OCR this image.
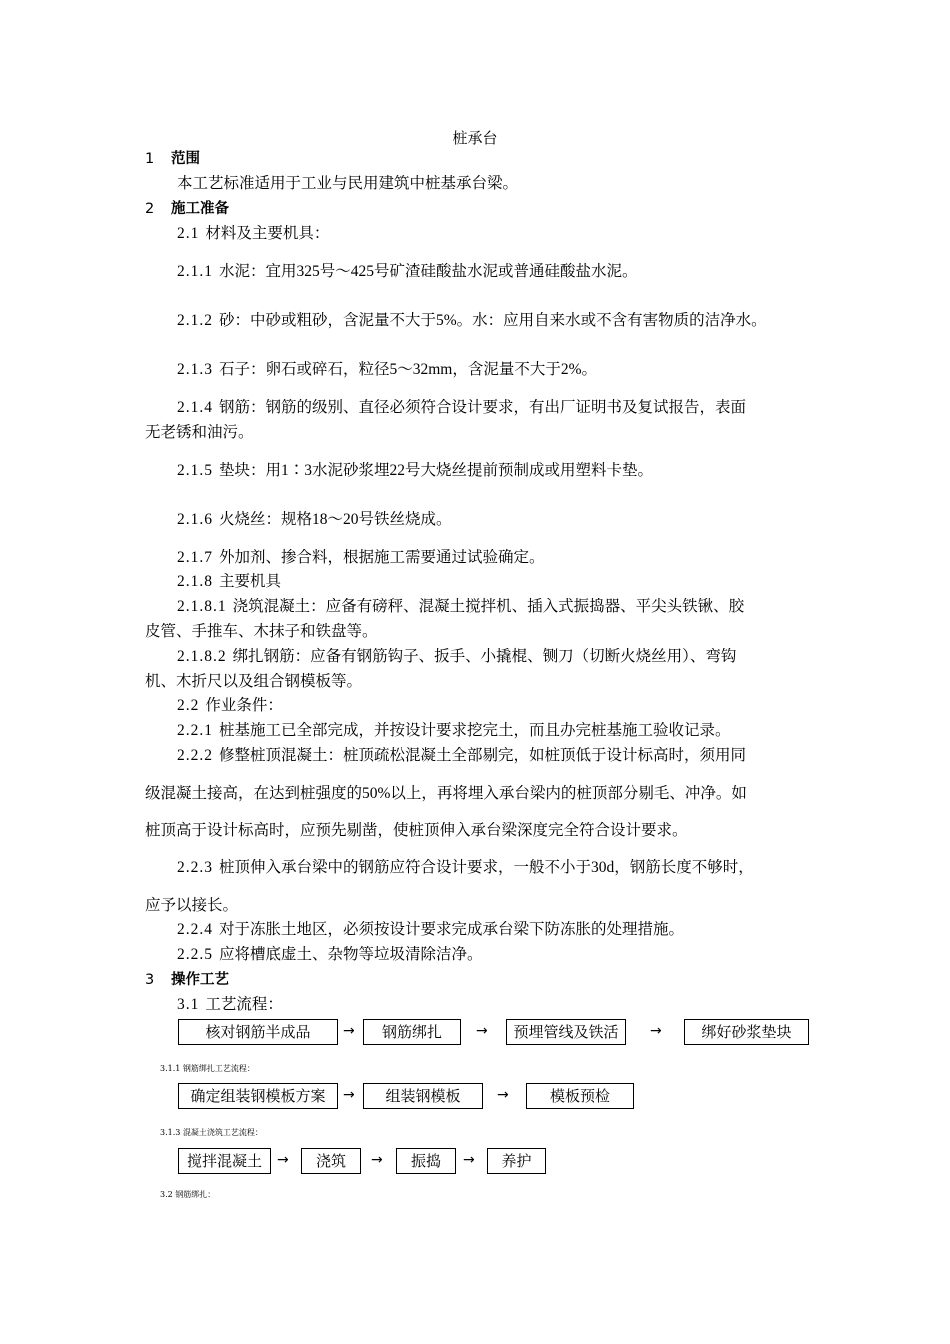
桩承台
1 范围
本工艺标准适用于工业与民用建筑中桩基承台梁。
2 施工准备
2.1 材料及主要机具：
2.1.1 水泥：宜用325号～425号矿渣硅酸盐水泥或普通硅酸盐水泥。
2.1.2 砂：中砂或粗砂，含泥量不大于5%。水：应用自来水或不含有害物质的洁净水。
2.1.3 石子：卵石或碎石，粒径5～32mm，含泥量不大于2%。
2.1.4 钢筋：钢筋的级别、直径必须符合设计要求，有出厂证明书及复试报告，表面
无老锈和油污。
2.1.5 垫块：用1∶3水泥砂浆埋22号大烧丝提前预制成或用塑料卡垫。
2.1.6 火烧丝：规格18～20号铁丝烧成。
2.1.7 外加剂、掺合料，根据施工需要通过试验确定。
2.1.8 主要机具
2.1.8.1 浇筑混凝土：应备有磅秤、混凝土搅拌机、插入式振捣器、平尖头铁锹、胶
皮管、手推车、木抹子和铁盘等。
2.1.8.2 绑扎钢筋：应备有钢筋钩子、扳手、小撬棍、铡刀（切断火烧丝用）、弯钩
机、木折尺以及组合钢模板等。
2.2 作业条件：
2.2.1 桩基施工已全部完成，并按设计要求挖完土，而且办完桩基施工验收记录。
2.2.2 修整桩顶混凝土：桩顶疏松混凝土全部剔完，如桩顶低于设计标高时，须用同
级混凝土接高，在达到桩强度的50%以上，再将埋入承台梁内的桩顶部分剔毛、冲净。如
桩顶高于设计标高时，应预先剔凿，使桩顶伸入承台梁深度完全符合设计要求。
2.2.3 桩顶伸入承台梁中的钢筋应符合设计要求，一般不小于30d，钢筋长度不够时，
应予以接长。
2.2.4 对于冻胀土地区，必须按设计要求完成承台梁下防冻胀的处理措施。
2.2.5 应将槽底虚土、杂物等垃圾清除洁净。
3 操作工艺
3.1 工艺流程：
核对钢筋半成品	→	钢筋绑扎	→	预埋管线及铁活	→	绑好砂浆垫块
3.1.1 钢筋绑扎工艺流程：
确定组装钢模板方案	→	组装钢模板	→	模板预检
3.1.3 混凝土浇筑工艺流程：
搅拌混凝土	→	浇筑	→	振捣	→	养护
3.2 钢筋绑扎：
